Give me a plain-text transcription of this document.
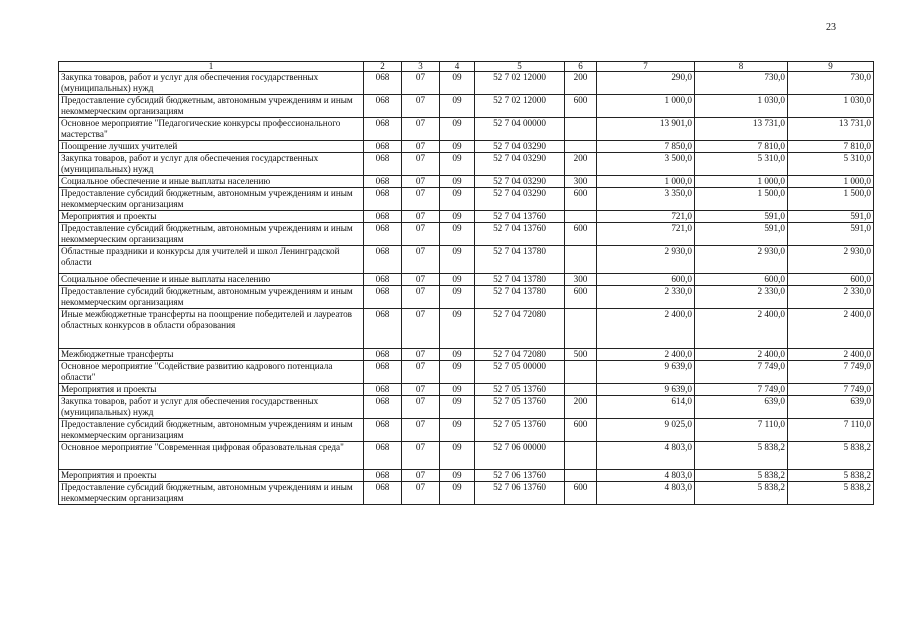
23
1	2	3	4	5	6	7	8	9
Закупка товаров, работ и услуг для обеспечения государственных (муниципальных) нужд	068	07	09	52 7 02 12000	200	290,0	730,0	730,0
Предоставление субсидий бюджетным, автономным учреждениям и иным некоммерческим организациям	068	07	09	52 7 02 12000	600	1 000,0	1 030,0	1 030,0
Основное мероприятие "Педагогические конкурсы профессионального мастерства"	068	07	09	52 7 04 00000		13 901,0	13 731,0	13 731,0
Поощрение лучших учителей	068	07	09	52 7 04 03290		7 850,0	7 810,0	7 810,0
Закупка товаров, работ и услуг для обеспечения государственных (муниципальных) нужд	068	07	09	52 7 04 03290	200	3 500,0	5 310,0	5 310,0
Социальное обеспечение и иные выплаты населению	068	07	09	52 7 04 03290	300	1 000,0	1 000,0	1 000,0
Предоставление субсидий бюджетным, автономным учреждениям и иным некоммерческим организациям	068	07	09	52 7 04 03290	600	3 350,0	1 500,0	1 500,0
Мероприятия и проекты	068	07	09	52 7 04 13760		721,0	591,0	591,0
Предоставление субсидий бюджетным, автономным учреждениям и иным некоммерческим организациям	068	07	09	52 7 04 13760	600	721,0	591,0	591,0
Областные праздники и конкурсы для учителей и школ Ленинградской области	068	07	09	52 7 04 13780		2 930,0	2 930,0	2 930,0
Социальное обеспечение и иные выплаты населению	068	07	09	52 7 04 13780	300	600,0	600,0	600,0
Предоставление субсидий бюджетным, автономным учреждениям и иным некоммерческим организациям	068	07	09	52 7 04 13780	600	2 330,0	2 330,0	2 330,0
Иные межбюджетные трансферты на поощрение победителей и лауреатов областных конкурсов в области образования	068	07	09	52 7 04 72080		2 400,0	2 400,0	2 400,0
Межбюджетные трансферты	068	07	09	52 7 04 72080	500	2 400,0	2 400,0	2 400,0
Основное мероприятие "Содействие развитию кадрового потенциала области"	068	07	09	52 7 05 00000		9 639,0	7 749,0	7 749,0
Мероприятия и проекты	068	07	09	52 7 05 13760		9 639,0	7 749,0	7 749,0
Закупка товаров, работ и услуг для обеспечения государственных (муниципальных) нужд	068	07	09	52 7 05 13760	200	614,0	639,0	639,0
Предоставление субсидий бюджетным, автономным учреждениям и иным некоммерческим организациям	068	07	09	52 7 05 13760	600	9 025,0	7 110,0	7 110,0
Основное мероприятие "Современная цифровая образовательная среда"	068	07	09	52 7 06 00000		4 803,0	5 838,2	5 838,2
Мероприятия и проекты	068	07	09	52 7 06 13760		4 803,0	5 838,2	5 838,2
Предоставление субсидий бюджетным, автономным учреждениям и иным некоммерческим организациям	068	07	09	52 7 06 13760	600	4 803,0	5 838,2	5 838,2
